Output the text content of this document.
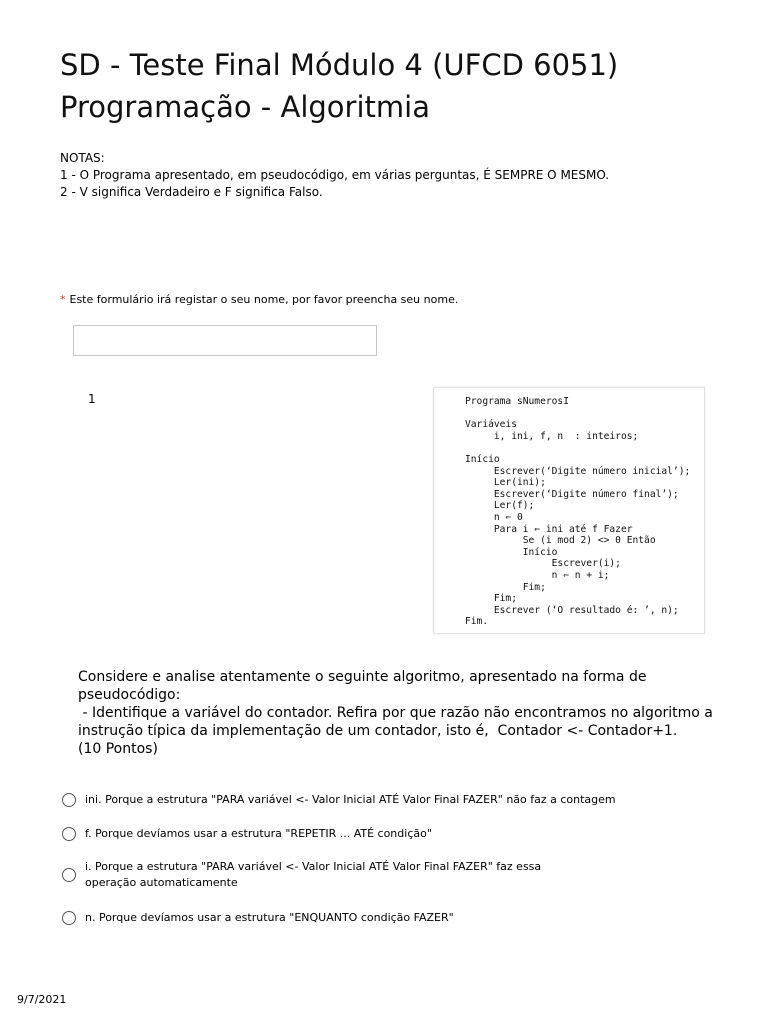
SD - Teste Final Módulo 4 (UFCD 6051)
Programação - Algoritmia
NOTAS:
1 - O Programa apresentado, em pseudocódigo, em várias perguntas, É SEMPRE O MESMO.
2 - V significa Verdadeiro e F significa Falso.
* Este formulário irá registar o seu nome, por favor preencha seu nome.
1	Programa sNumerosI

Variáveis
i, ini, f, n  : inteiros;

Início
Escrever(‘Digite número inicial’);
Ler(ini);
Escrever(‘Digite número final’);
Ler(f);
n ⇐ 0
Para i ⇐ ini até f Fazer
Se (i mod 2) <> 0 Então
Início
Escrever(i);
n ⇐ n + i;
Fim;
Fim;
Escrever (‘O resultado é: ’, n);
Fim.
Considere e analise atentamente o seguinte algoritmo, apresentado na forma de
pseudocódigo:
- Identifique a variável do contador. Refira por que razão não encontramos no algoritmo a
instrução típica da implementação de um contador, isto é,  Contador <- Contador+1.
(10 Pontos)
ini. Porque a estrutura "PARA variável <- Valor Inicial ATÉ Valor Final FAZER" não faz a contagem
f. Porque devíamos usar a estrutura "REPETIR ... ATÉ condição"
i. Porque a estrutura "PARA variável <- Valor Inicial ATÉ Valor Final FAZER" faz essa operação automaticamente
n. Porque devíamos usar a estrutura "ENQUANTO condição FAZER"
9/7/2021
